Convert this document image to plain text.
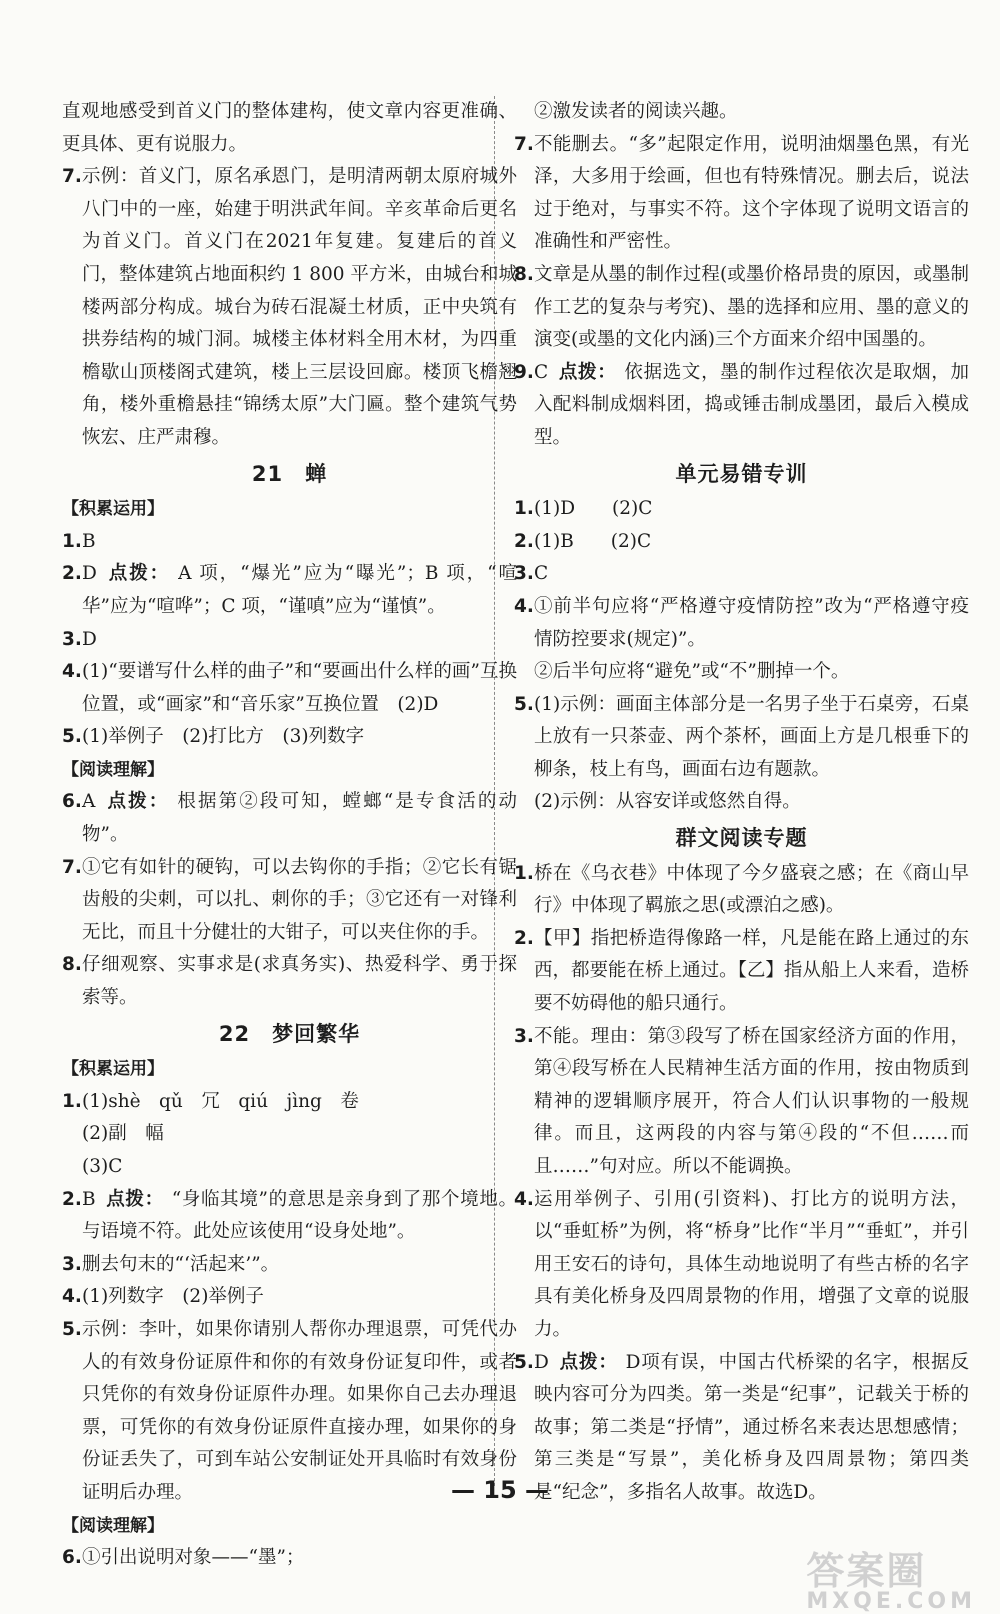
直观地感受到首义门的整体建构，使文章内容更准确、更具体、更有说服力。

7. 示例：首义门，原名承恩门，是明清两朝太原府城外八门中的一座，始建于明洪武年间。辛亥革命后更名为首义门。首义门在2021年复建。复建后的首义门，整体建筑占地面积约 1 800 平方米，由城台和城楼两部分构成。城台为砖石混凝土材质，正中央筑有拱券结构的城门洞。城楼主体材料全用木材，为四重檐歇山顶楼阁式建筑，楼上三层设回廊。楼顶飞檐翘角，楼外重檐悬挂“锦绣太原”大门匾。整个建筑气势恢宏、庄严肃穆。
21　蝉

【积累运用】

1. B
2. D 点拨： A 项，“爆光”应为“曝光”；B 项，“喧华”应为“喧哗”；C 项，“谨嗔”应为“谨慎”。
3. D
4. (1)“要谱写什么样的曲子”和“要画出什么样的画”互换位置，或“画家”和“音乐家”互换位置　(2)D
5. (1)举例子　(2)打比方　(3)列数字

【阅读理解】

6. A 点拨： 根据第②段可知，螳螂“是专食活的动物”。
7. ①它有如针的硬钩，可以去钩你的手指；②它长有锯齿般的尖刺，可以扎、刺你的手；③它还有一对锋利无比，而且十分健壮的大钳子，可以夹住你的手。
8. 仔细观察、实事求是(求真务实)、热爱科学、勇于探索等。
22　梦回繁华

【积累运用】

1. (1)shè　qǔ　冗　qiú　jìng　卷
(2)副　幅
(3)C
2. B 点拨： “身临其境”的意思是亲身到了那个境地。与语境不符。此处应该使用“设身处地”。
3. 删去句末的“‘活起来’”。
4. (1)列数字　(2)举例子
5. 示例：李叶，如果你请别人帮你办理退票，可凭代办人的有效身份证原件和你的有效身份证复印件，或者只凭你的有效身份证原件办理。如果你自己去办理退票，可凭你的有效身份证原件直接办理，如果你的身份证丢失了，可到车站公安制证处开具临时有效身份证明后办理。

【阅读理解】

6. ①引出说明对象——“墨”；

②激发读者的阅读兴趣。

7. 不能删去。“多”起限定作用，说明油烟墨色黑，有光泽，大多用于绘画，但也有特殊情况。删去后，说法过于绝对，与事实不符。这个字体现了说明文语言的准确性和严密性。
8. 文章是从墨的制作过程(或墨价格昂贵的原因，或墨制作工艺的复杂与考究)、墨的选择和应用、墨的意义的演变(或墨的文化内涵)三个方面来介绍中国墨的。
9. C 点拨： 依据选文，墨的制作过程依次是取烟，加入配料制成烟料团，捣或锤击制成墨团，最后入模成型。
单元易错专训
1. (1)D　　(2)C
2. (1)B　　(2)C
3. C
4. ①前半句应将“严格遵守疫情防控”改为“严格遵守疫情防控要求(规定)”。
②后半句应将“避免”或“不”删掉一个。
5. (1)示例：画面主体部分是一名男子坐于石桌旁，石桌上放有一只茶壶、两个茶杯，画面上方是几根垂下的柳条，枝上有鸟，画面右边有题款。
(2)示例：从容安详或悠然自得。
群文阅读专题
1. 桥在《乌衣巷》中体现了今夕盛衰之感；在《商山早行》中体现了羁旅之思(或漂泊之感)。
2. 【甲】指把桥造得像路一样，凡是能在路上通过的东西，都要能在桥上通过。【乙】指从船上人来看，造桥要不妨碍他的船只通行。
3. 不能。理由：第③段写了桥在国家经济方面的作用，第④段写桥在人民精神生活方面的作用，按由物质到精神的逻辑顺序展开，符合人们认识事物的一般规律。而且，这两段的内容与第④段的“不但……而且……”句对应。所以不能调换。
4. 运用举例子、引用(引资料)、打比方的说明方法，以“垂虹桥”为例，将“桥身”比作“半月”“垂虹”，并引用王安石的诗句，具体生动地说明了有些古桥的名字具有美化桥身及四周景物的作用，增强了文章的说服力。
5. D 点拨： D项有误，中国古代桥梁的名字，根据反映内容可分为四类。第一类是“纪事”，记载关于桥的故事；第二类是“抒情”，通过桥名来表达思想感情；第三类是“写景”，美化桥身及四周景物；第四类是“纪念”，多指名人故事。故选D。
— 15 —
答案圈
MXQE.COM
